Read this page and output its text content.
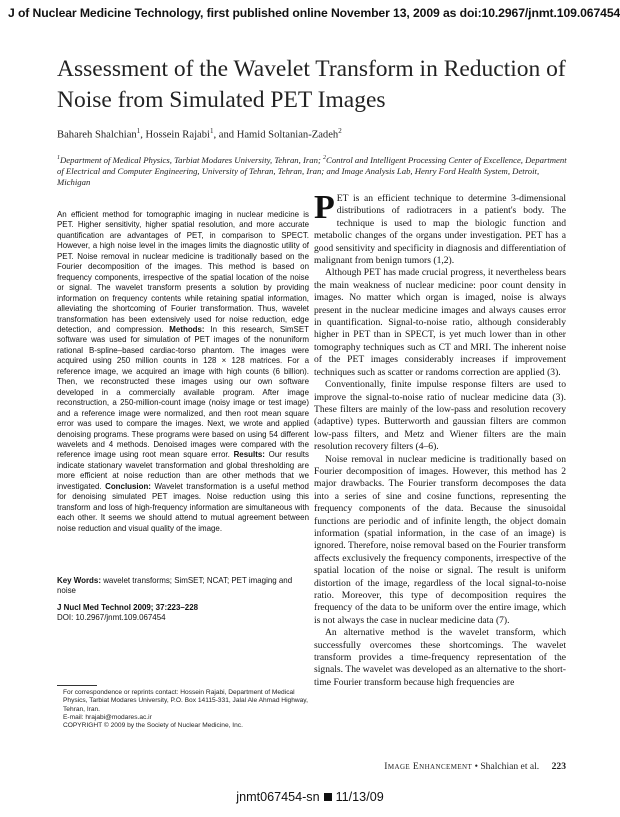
J of Nuclear Medicine Technology, first published online November 13, 2009 as doi:10.2967/jnmt.109.067454
Assessment of the Wavelet Transform in Reduction of Noise from Simulated PET Images
Bahareh Shalchian$^1$, Hossein Rajabi$^1$, and Hamid Soltanian-Zadeh$^2$
$^1$Department of Medical Physics, Tarbiat Modares University, Tehran, Iran; $^2$Control and Intelligent Processing Center of Excellence, Department of Electrical and Computer Engineering, University of Tehran, Tehran, Iran; and Image Analysis Lab, Henry Ford Health System, Detroit, Michigan
An efficient method for tomographic imaging in nuclear medicine is PET. Higher sensitivity, higher spatial resolution, and more accurate quantification are advantages of PET, in comparison to SPECT. However, a high noise level in the images limits the diagnostic utility of PET. Noise removal in nuclear medicine is traditionally based on the Fourier decomposition of the images. This method is based on frequency components, irrespective of the spatial location of the noise or signal. The wavelet transform presents a solution by providing information on frequency contents while retaining spatial information, alleviating the shortcoming of Fourier transformation. Thus, wavelet transformation has been extensively used for noise reduction, edge detection, and compression. Methods: In this research, SimSET software was used for simulation of PET images of the nonuniform rational B-spline–based cardiac-torso phantom. The images were acquired using 250 million counts in 128 × 128 matrices. For a reference image, we acquired an image with high counts (6 billion). Then, we reconstructed these images using our own software developed in a commercially available program. After image reconstruction, a 250-million-count image (noisy image or test image) and a reference image were normalized, and then root mean square error was used to compare the images. Next, we wrote and applied denoising programs. These programs were based on using 54 different wavelets and 4 methods. Denoised images were compared with the reference image using root mean square error. Results: Our results indicate stationary wavelet transformation and global thresholding are more efficient at noise reduction than are other methods that we investigated. Conclusion: Wavelet transformation is a useful method for denoising simulated PET images. Noise reduction using this transform and loss of high-frequency information are simultaneous with each other. It seems we should attend to mutual agreement between noise reduction and visual quality of the image.
Key Words: wavelet transforms; SimSET; NCAT; PET imaging and noise
J Nucl Med Technol 2009; 37:223–228
DOI: 10.2967/jnmt.109.067454
For correspondence or reprints contact: Hossein Rajabi, Department of Medical Physics, Tarbiat Modares University, P.O. Box 14115-331, Jalal Ale Ahmad Highway, Tehran, Iran.
E-mail: hrajabi@modares.ac.ir
COPYRIGHT © 2009 by the Society of Nuclear Medicine, Inc.

PET is an efficient technique to determine 3-dimensional distributions of radiotracers in a patient's body. The technique is used to map the biologic function and metabolic changes of the organs under investigation. PET has a good sensitivity and specificity in diagnosis and differentiation of malignant from benign tumors (1,2).

Although PET has made crucial progress, it nevertheless bears the main weakness of nuclear medicine: poor count density in images. No matter which organ is imaged, noise is always present in the nuclear medicine images and always causes error in quantification. Signal-to-noise ratio, although considerably higher in PET than in SPECT, is yet much lower than in other tomography techniques such as CT and MRI. The inherent noise of the PET images considerably increases if improvement techniques such as scatter or randoms correction are applied (3).

Conventionally, finite impulse response filters are used to improve the signal-to-noise ratio of nuclear medicine data (3). These filters are mainly of the low-pass and resolution recovery (adaptive) types. Butterworth and gaussian filters are common low-pass filters, and Metz and Wiener filters are the main resolution recovery filters (4–6).

Noise removal in nuclear medicine is traditionally based on Fourier decomposition of images. However, this method has 2 major drawbacks. The Fourier transform decomposes the data into a series of sine and cosine functions, representing the frequency components of the data. Because the sinusoidal functions are periodic and of infinite length, the object domain information (spatial information, in the case of an image) is ignored. Therefore, noise removal based on the Fourier transform affects exclusively the frequency components, irrespective of the spatial location of the noise or signal. The result is uniform distortion of the image, regardless of the local signal-to-noise ratio. Moreover, this type of decomposition requires the frequency of the data to be uniform over the entire image, which is not always the case in nuclear medicine data (7).

An alternative method is the wavelet transform, which successfully overcomes these shortcomings. The wavelet transform provides a time-frequency representation of the signals. The wavelet was developed as an alternative to the short-time Fourier transform because high frequencies are

Image Enhancement • Shalchian et al. 223
jnmt067454-sn 11/13/09
